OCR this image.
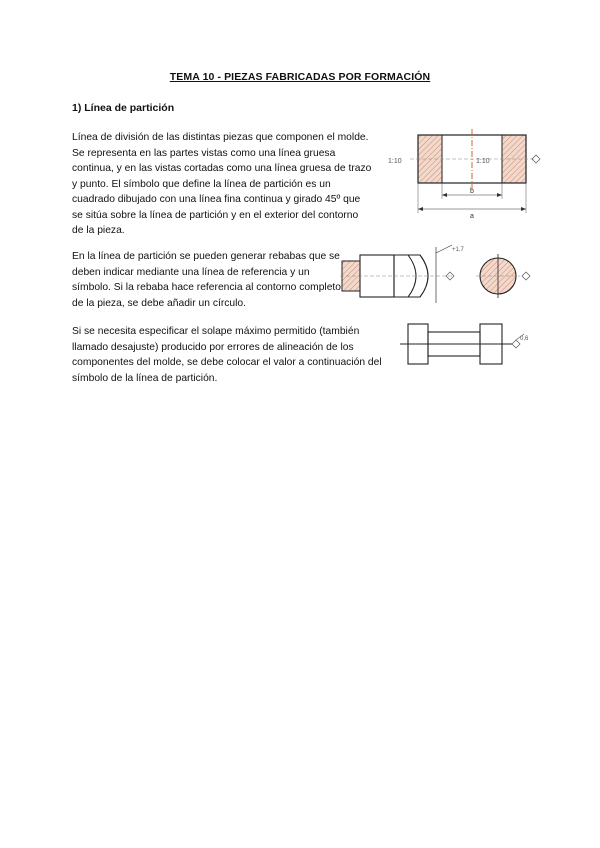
TEMA 10 - PIEZAS FABRICADAS POR FORMACIÓN
1) Línea de partición
Línea de división de las distintas piezas que componen el molde. Se representa en las partes vistas como una línea gruesa continua, y en las vistas cortadas como una línea gruesa de trazo y punto. El símbolo que define la línea de partición es un cuadrado dibujado con una línea fina continua y girado 45º que se sitúa sobre la línea de partición y en el exterior del contorno de la pieza.
En la línea de partición se pueden generar rebabas que se deben indicar mediante una línea de referencia y un símbolo. Si la rebaba hace referencia al contorno completo de la pieza, se debe añadir un círculo.
Si se necesita especificar el solape máximo permitido (también llamado desajuste) producido por errores de alineación de los componentes del molde, se debe colocar el valor a continuación del símbolo de la línea de partición.
1:10	1:10
b
a
+1,7
0,6
